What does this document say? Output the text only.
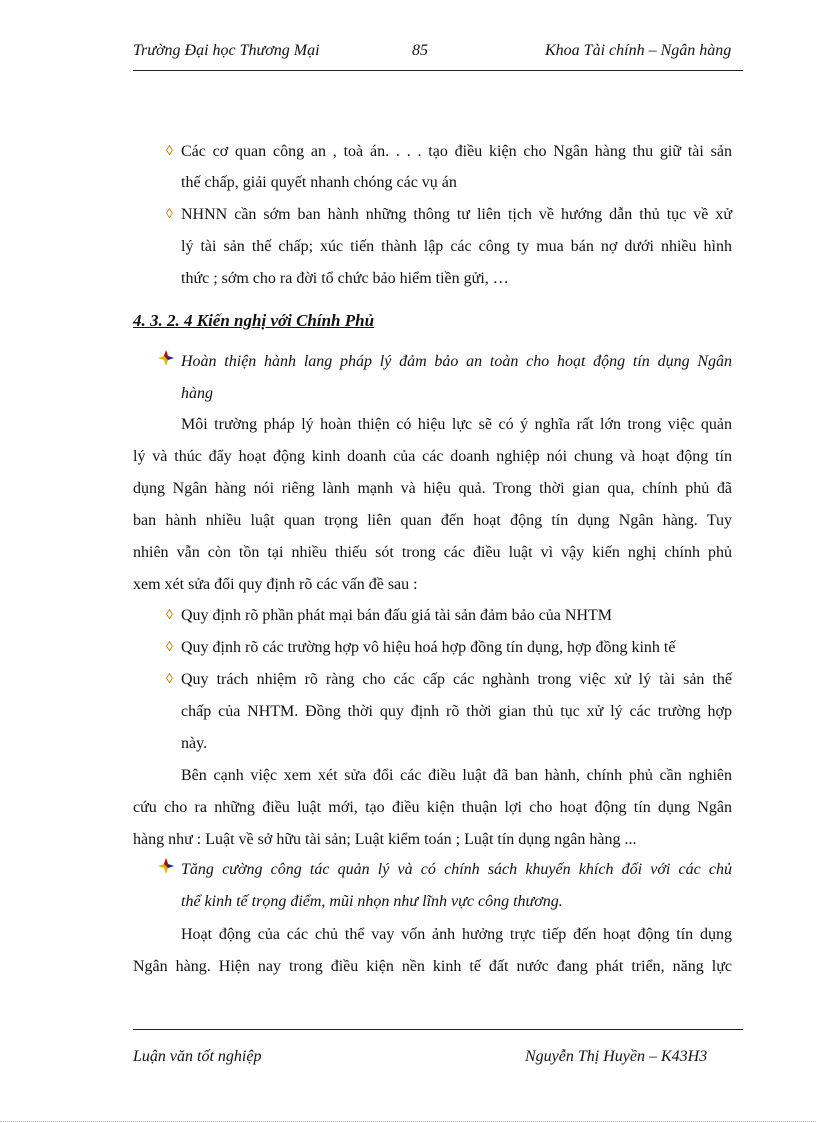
Trường Đại học Thương Mại	85	Khoa Tài chính – Ngân hàng
◊ Các cơ quan công an , toà án. . . . tạo điều kiện cho Ngân hàng thu giữ tài sản
thế chấp, giải quyết nhanh chóng các vụ án
◊ NHNN cần sớm ban hành những thông tư liên tịch về hướng dẫn thủ tục về xử
lý tài sản thế chấp; xúc tiến thành lập các công ty mua bán nợ dưới nhiều hình
thức ; sớm cho ra đời tổ chức bảo hiểm tiền gửi, …
4. 3. 2. 4 Kiến nghị với Chính Phủ
Hoàn thiện hành lang pháp lý đảm bảo an toàn cho hoạt động tín dụng Ngân
hàng
Môi trường pháp lý hoàn thiện có hiệu lực sẽ có ý nghĩa rất lớn trong việc quản
lý và thúc đẩy hoạt động kinh doanh của các doanh nghiệp nói chung và hoạt động tín
dụng Ngân hàng nói riêng lành mạnh và hiệu quả. Trong thời gian qua, chính phủ đã
ban hành nhiều luật quan trọng liên quan đến hoạt động tín dụng Ngân hàng. Tuy
nhiên vẫn còn tồn tại nhiều thiếu sót trong các điều luật vì vậy kiến nghị chính phủ
xem xét sửa đổi quy định rõ các vấn đề sau :
◊ Quy định rõ phần phát mại bán đấu giá tài sản đảm bảo của NHTM
◊ Quy định rõ các trường hợp vô hiệu hoá hợp đồng tín dụng, hợp đồng kinh tế
◊ Quy trách nhiệm rõ ràng cho các cấp các nghành trong việc xử lý tài sản thế
chấp của NHTM. Đồng thời quy định rõ thời gian thủ tục xử lý các trường hợp
này.
Bên cạnh việc xem xét sửa đổi các điều luật đã ban hành, chính phủ cần nghiên
cứu cho ra những điều luật mới, tạo điều kiện thuận lợi cho hoạt động tín dụng Ngân
hàng như : Luật về sở hữu tài sản; Luật kiểm toán ; Luật tín dụng ngân hàng ...
Tăng cường công tác quản lý và có chính sách khuyến khích đối với các chủ
thể kinh tế trọng điểm, mũi nhọn như lĩnh vực công thương.
Hoạt động của các chủ thể vay vốn ảnh hưởng trực tiếp đến hoạt động tín dụng
Ngân hàng. Hiện nay trong điều kiện nền kinh tế đất nước đang phát triển, năng lực
Luận văn tốt nghiệp	Nguyễn Thị Huyền – K43H3
